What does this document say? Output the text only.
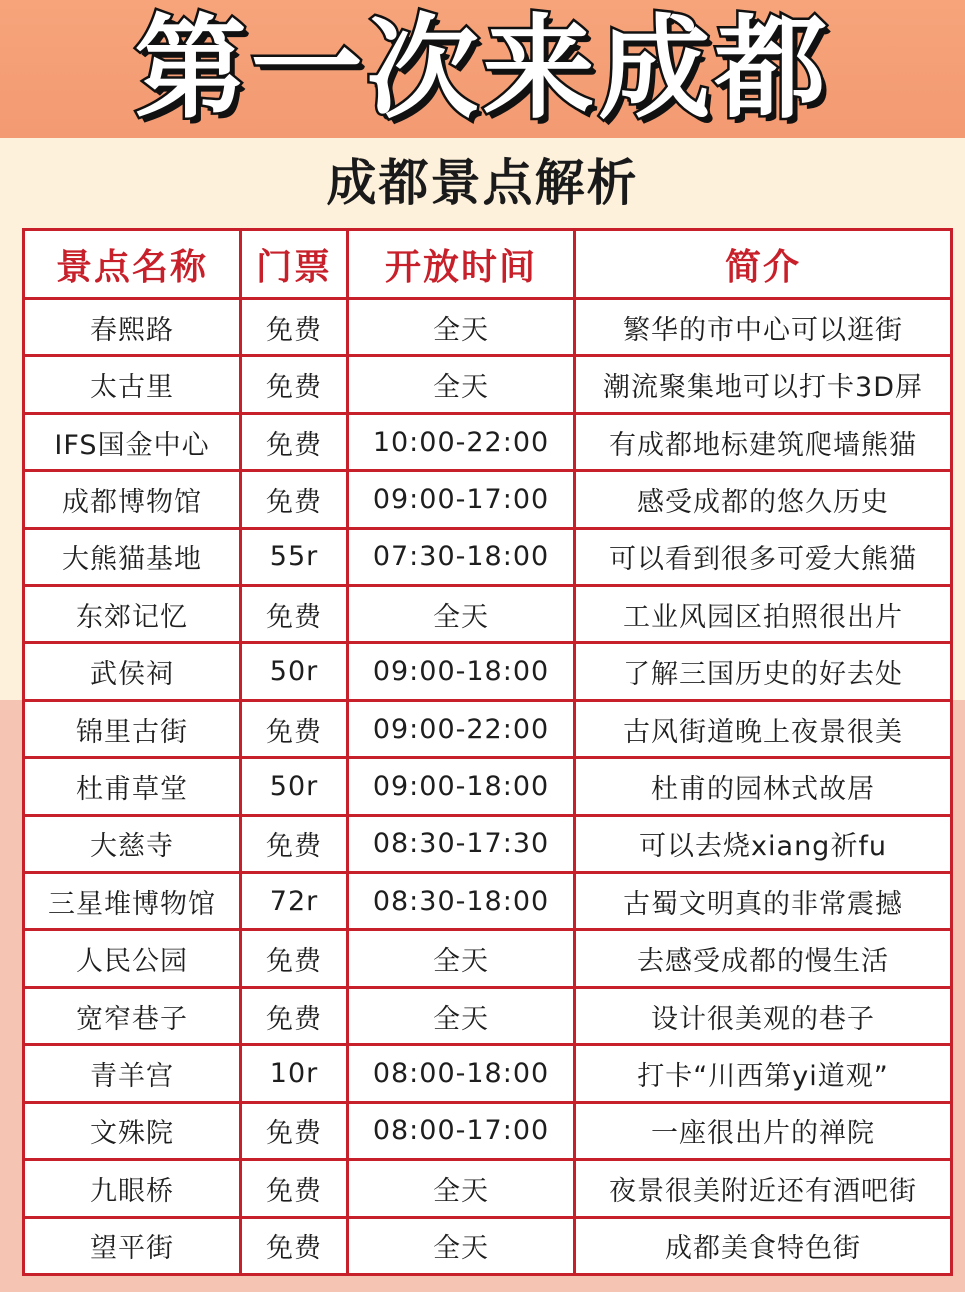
第一次来成都
成都景点解析
景点名称	门票	开放时间	简介
春熙路	免费	全天	繁华的市中心可以逛街
太古里	免费	全天	潮流聚集地可以打卡3D屏
IFS国金中心	免费	10:00-22:00	有成都地标建筑爬墙熊猫
成都博物馆	免费	09:00-17:00	感受成都的悠久历史
大熊猫基地	55r	07:30-18:00	可以看到很多可爱大熊猫
东郊记忆	免费	全天	工业风园区拍照很出片
武侯祠	50r	09:00-18:00	了解三国历史的好去处
锦里古街	免费	09:00-22:00	古风街道晚上夜景很美
杜甫草堂	50r	09:00-18:00	杜甫的园林式故居
大慈寺	免费	08:30-17:30	可以去烧xiang祈fu
三星堆博物馆	72r	08:30-18:00	古蜀文明真的非常震撼
人民公园	免费	全天	去感受成都的慢生活
宽窄巷子	免费	全天	设计很美观的巷子
青羊宫	10r	08:00-18:00	打卡“川西第yi道观”
文殊院	免费	08:00-17:00	一座很出片的禅院
九眼桥	免费	全天	夜景很美附近还有酒吧街
望平街	免费	全天	成都美食特色街
